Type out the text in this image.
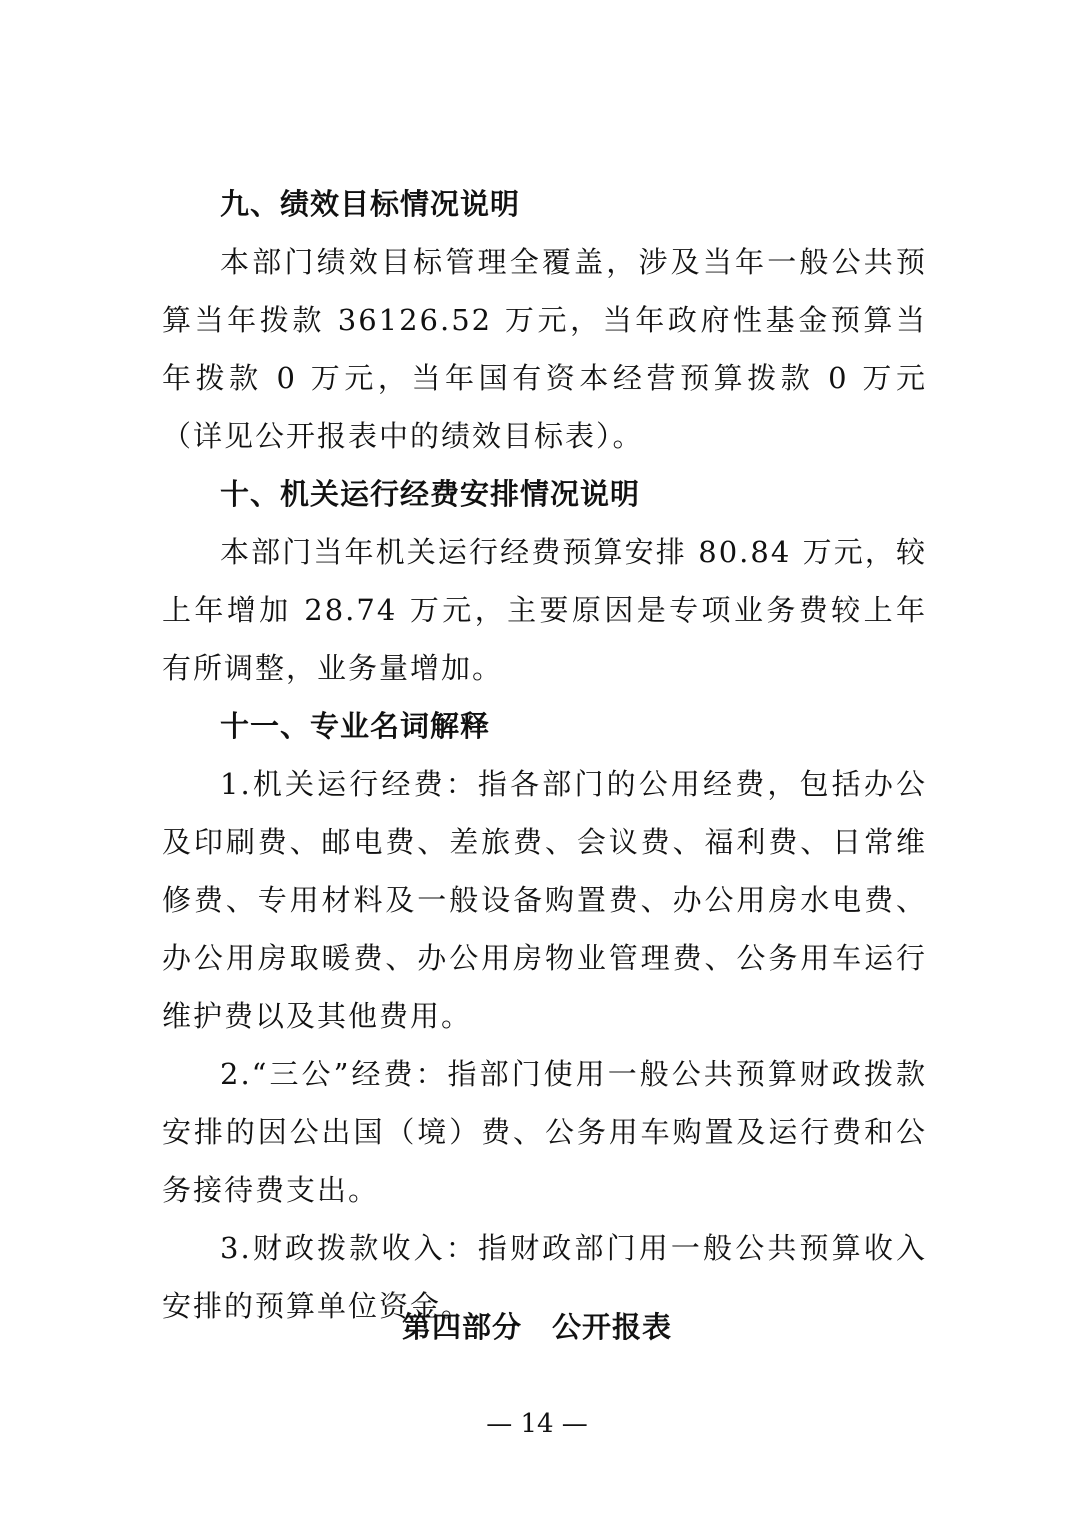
九、绩效目标情况说明

本部门绩效目标管理全覆盖，涉及当年一般公共预算当年拨款 36126.52 万元，当年政府性基金预算当年拨款 0 万元，当年国有资本经营预算拨款 0 万元（详见公开报表中的绩效目标表）。

十、机关运行经费安排情况说明

本部门当年机关运行经费预算安排 80.84 万元，较上年增加 28.74 万元，主要原因是专项业务费较上年有所调整，业务量增加。

十一、专业名词解释

1.机关运行经费：指各部门的公用经费，包括办公及印刷费、邮电费、差旅费、会议费、福利费、日常维修费、专用材料及一般设备购置费、办公用房水电费、办公用房取暖费、办公用房物业管理费、公务用车运行维护费以及其他费用。

2.“三公”经费：指部门使用一般公共预算财政拨款安排的因公出国（境）费、公务用车购置及运行费和公务接待费支出。

3.财政拨款收入：指财政部门用一般公共预算收入安排的预算单位资金。

第四部分　公开报表
— 14 —
